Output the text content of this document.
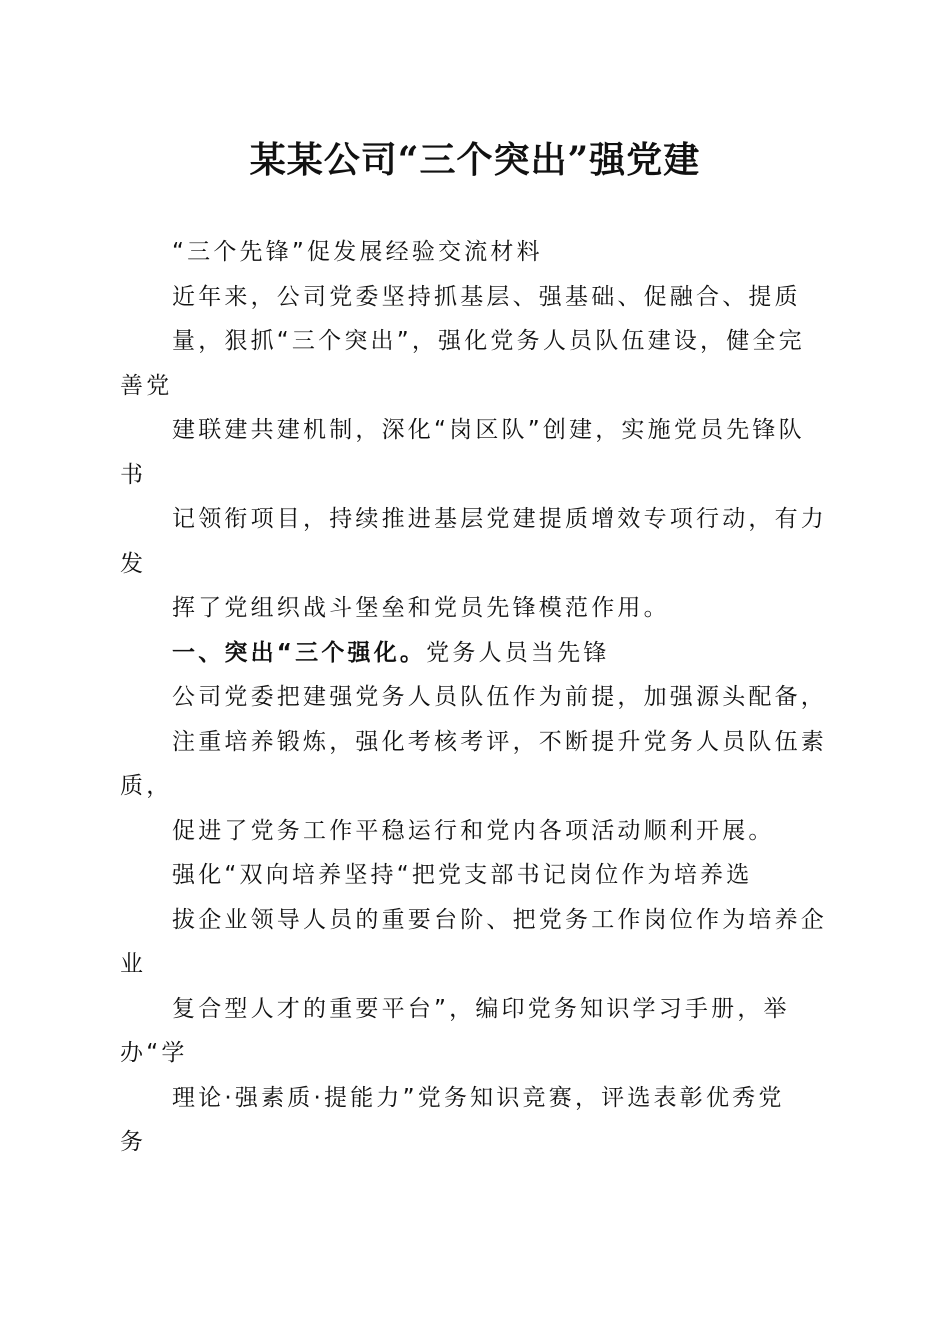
某某公司“三个突出”强党建

“三个先锋”促发展经验交流材料

近年来，公司党委坚持抓基层、强基础、促融合、提质

量，狠抓“三个突出”，强化党务人员队伍建设，健全完

善党

建联建共建机制，深化“岗区队”创建，实施党员先锋队

书

记领衔项目，持续推进基层党建提质增效专项行动，有力

发

挥了党组织战斗堡垒和党员先锋模范作用。

一、突出“三个强化。党务人员当先锋

公司党委把建强党务人员队伍作为前提，加强源头配备，

注重培养锻炼，强化考核考评，不断提升党务人员队伍素

质，

促进了党务工作平稳运行和党内各项活动顺利开展。

强化“双向培养坚持“把党支部书记岗位作为培养选

拔企业领导人员的重要台阶、把党务工作岗位作为培养企

业

复合型人才的重要平台”，编印党务知识学习手册，举

办“学

理论·强素质·提能力”党务知识竞赛，评选表彰优秀党

务
